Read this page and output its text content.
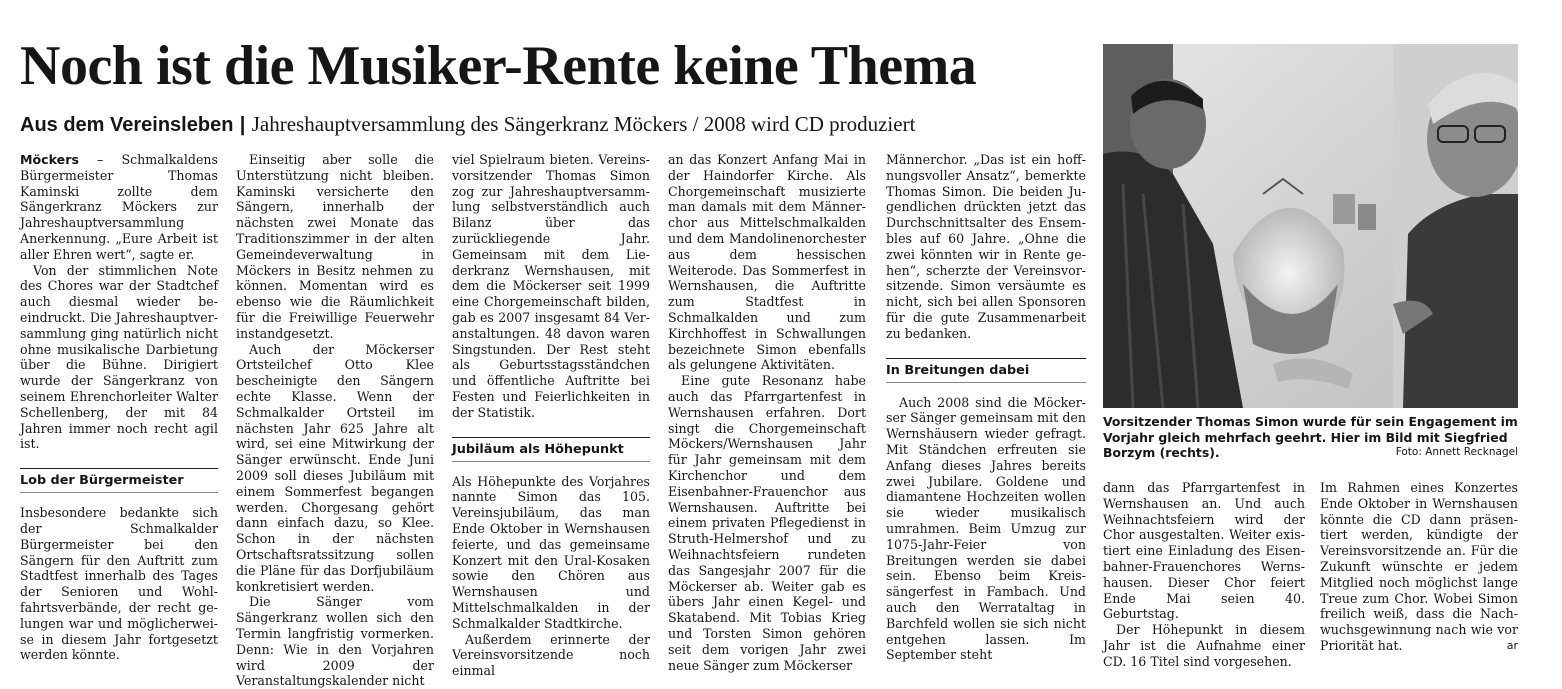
Noch ist die Musiker-Rente keine Thema
Aus dem Vereinsleben | Jahreshauptversammlung des Sängerkranz Möckers / 2008 wird CD produziert

Möckers – Schmalkaldens Bürgermeister Thomas Kaminski zollte dem Sängerkranz Möckers zur Jahreshauptversammlung Anerkennung. „Eure Arbeit ist aller Ehren wert“, sagte er.

Von der stimmlichen Note des Chores war der Stadtchef auch diesmal wieder beeindruckt. Die Jahreshauptversammlung ging natürlich nicht ohne musikalische Darbietung über die Bühne. Dirigiert wurde der Sängerkranz von seinem Ehrenchorleiter Walter Schellenberg, der mit 84 Jahren immer noch recht agil ist.

Lob der Bürgermeister

Insbesondere bedankte sich der Schmalkalder Bürgermeister bei den Sängern für den Auftritt zum Stadtfest innerhalb des Tages der Senioren und Wohlfahrtsverbände, der recht gelungen war und möglicherweise in diesem Jahr fortgesetzt werden könnte.

Einseitig aber solle die Unterstützung nicht bleiben. Kaminski versicherte den Sängern, innerhalb der nächsten zwei Monate das Traditionszimmer in der alten Gemeindeverwaltung in Möckers in Besitz nehmen zu können. Momentan wird es ebenso wie die Räumlichkeit für die Freiwillige Feuerwehr instandgesetzt.

Auch der Möckerser Ortsteilchef Otto Klee bescheinigte den Sängern echte Klasse. Wenn der Schmalkalder Ortsteil im nächsten Jahr 625 Jahre alt wird, sei eine Mitwirkung der Sänger erwünscht. Ende Juni 2009 soll dieses Jubiläum mit einem Sommerfest begangen werden. Chorgesang gehört dann einfach dazu, so Klee. Schon in der nächsten Ortschaftsratssitzung sollen die Pläne für das Dorfjubiläum konkretisiert werden.

Die Sänger vom Sängerkranz wollen sich den Termin langfristig vormerken. Denn: Wie in den Vorjahren wird 2009 der Veranstaltungskalender nicht

viel Spielraum bieten. Vereinsvorsitzender Thomas Simon zog zur Jahreshauptversammlung selbstverständlich auch Bilanz über das zurückliegende Jahr. Gemeinsam mit dem Liederkranz Wernshausen, mit dem die Möckerser seit 1999 eine Chorgemeinschaft bilden, gab es 2007 insgesamt 84 Veranstaltungen. 48 davon waren Singstunden. Der Rest steht als Geburtsstagsständchen und öffentliche Auftritte bei Festen und Feierlichkeiten in der Statistik.

Jubiläum als Höhepunkt

Als Höhepunkte des Vorjahres nannte Simon das 105. Vereinsjubiläum, das man Ende Oktober in Wernshausen feierte, und das gemeinsame Konzert mit den Ural-Kosaken sowie den Chören aus Wernshausen und Mittelschmalkalden in der Schmalkalder Stadtkirche.

Außerdem erinnerte der Vereinsvorsitzende noch einmal

an das Konzert Anfang Mai in der Haindorfer Kirche. Als Chorgemeinschaft musizierte man damals mit dem Männerchor aus Mittelschmalkalden und dem Mandolinenorchester aus dem hessischen Weiterode. Das Sommerfest in Wernshausen, die Auftritte zum Stadtfest in Schmalkalden und zum Kirchhoffest in Schwallungen bezeichnete Simon ebenfalls als gelungene Aktivitäten.

Eine gute Resonanz habe auch das Pfarrgartenfest in Wernshausen erfahren. Dort singt die Chorgemeinschaft Möckers/Wernshausen Jahr für Jahr gemeinsam mit dem Kirchenchor und dem Eisenbahner-Frauenchor aus Wernshausen. Auftritte bei einem privaten Pflegedienst in Struth-Helmershof und zu Weihnachtsfeiern rundeten das Sangesjahr 2007 für die Möckerser ab. Weiter gab es übers Jahr einen Kegel- und Skatabend. Mit Tobias Krieg und Torsten Simon gehören seit dem vorigen Jahr zwei neue Sänger zum Möckerser

Männerchor. „Das ist ein hoffnungsvoller Ansatz“, bemerkte Thomas Simon. Die beiden Jugendlichen drückten jetzt das Durchschnittsalter des Ensembles auf 60 Jahre. „Ohne die zwei könnten wir in Rente gehen“, scherzte der Vereinsvorsitzende. Simon versäumte es nicht, sich bei allen Sponsoren für die gute Zusammenarbeit zu bedanken.

In Breitungen dabei

Auch 2008 sind die Möckerser Sänger gemeinsam mit den Wernshäusern wieder gefragt. Mit Ständchen erfreuten sie Anfang dieses Jahres bereits zwei Jubilare. Goldene und diamantene Hochzeiten wollen sie wieder musikalisch umrahmen. Beim Umzug zur 1075-Jahr-Feier von Breitungen werden sie dabei sein. Ebenso beim Kreissängerfest in Fambach. Und auch den Werrataltag in Barchfeld wollen sie sich nicht entgehen lassen. Im September steht

Vorsitzender Thomas Simon wurde für sein Engagement im Vorjahr gleich mehrfach geehrt. Hier im Bild mit Siegfried Borzym (rechts).	Foto: Annett Recknagel

dann das Pfarrgartenfest in Wernshausen an. Und auch Weihnachtsfeiern wird der Chor ausgestalten. Weiter existiert eine Einladung des Eisenbahner-Frauenchores Wernshausen. Dieser Chor feiert Ende Mai seien 40. Geburtstag.

Der Höhepunkt in diesem Jahr ist die Aufnahme einer CD. 16 Titel sind vorgesehen.

Im Rahmen eines Konzertes Ende Oktober in Wernshausen könnte die CD dann präsentiert werden, kündigte der Vereinsvorsitzende an. Für die Zukunft wünschte er jedem Mitglied noch möglichst lange Treue zum Chor. Wobei Simon freilich weiß, dass die Nachwuchsgewinnung nach wie vor Priorität hat.	ar
